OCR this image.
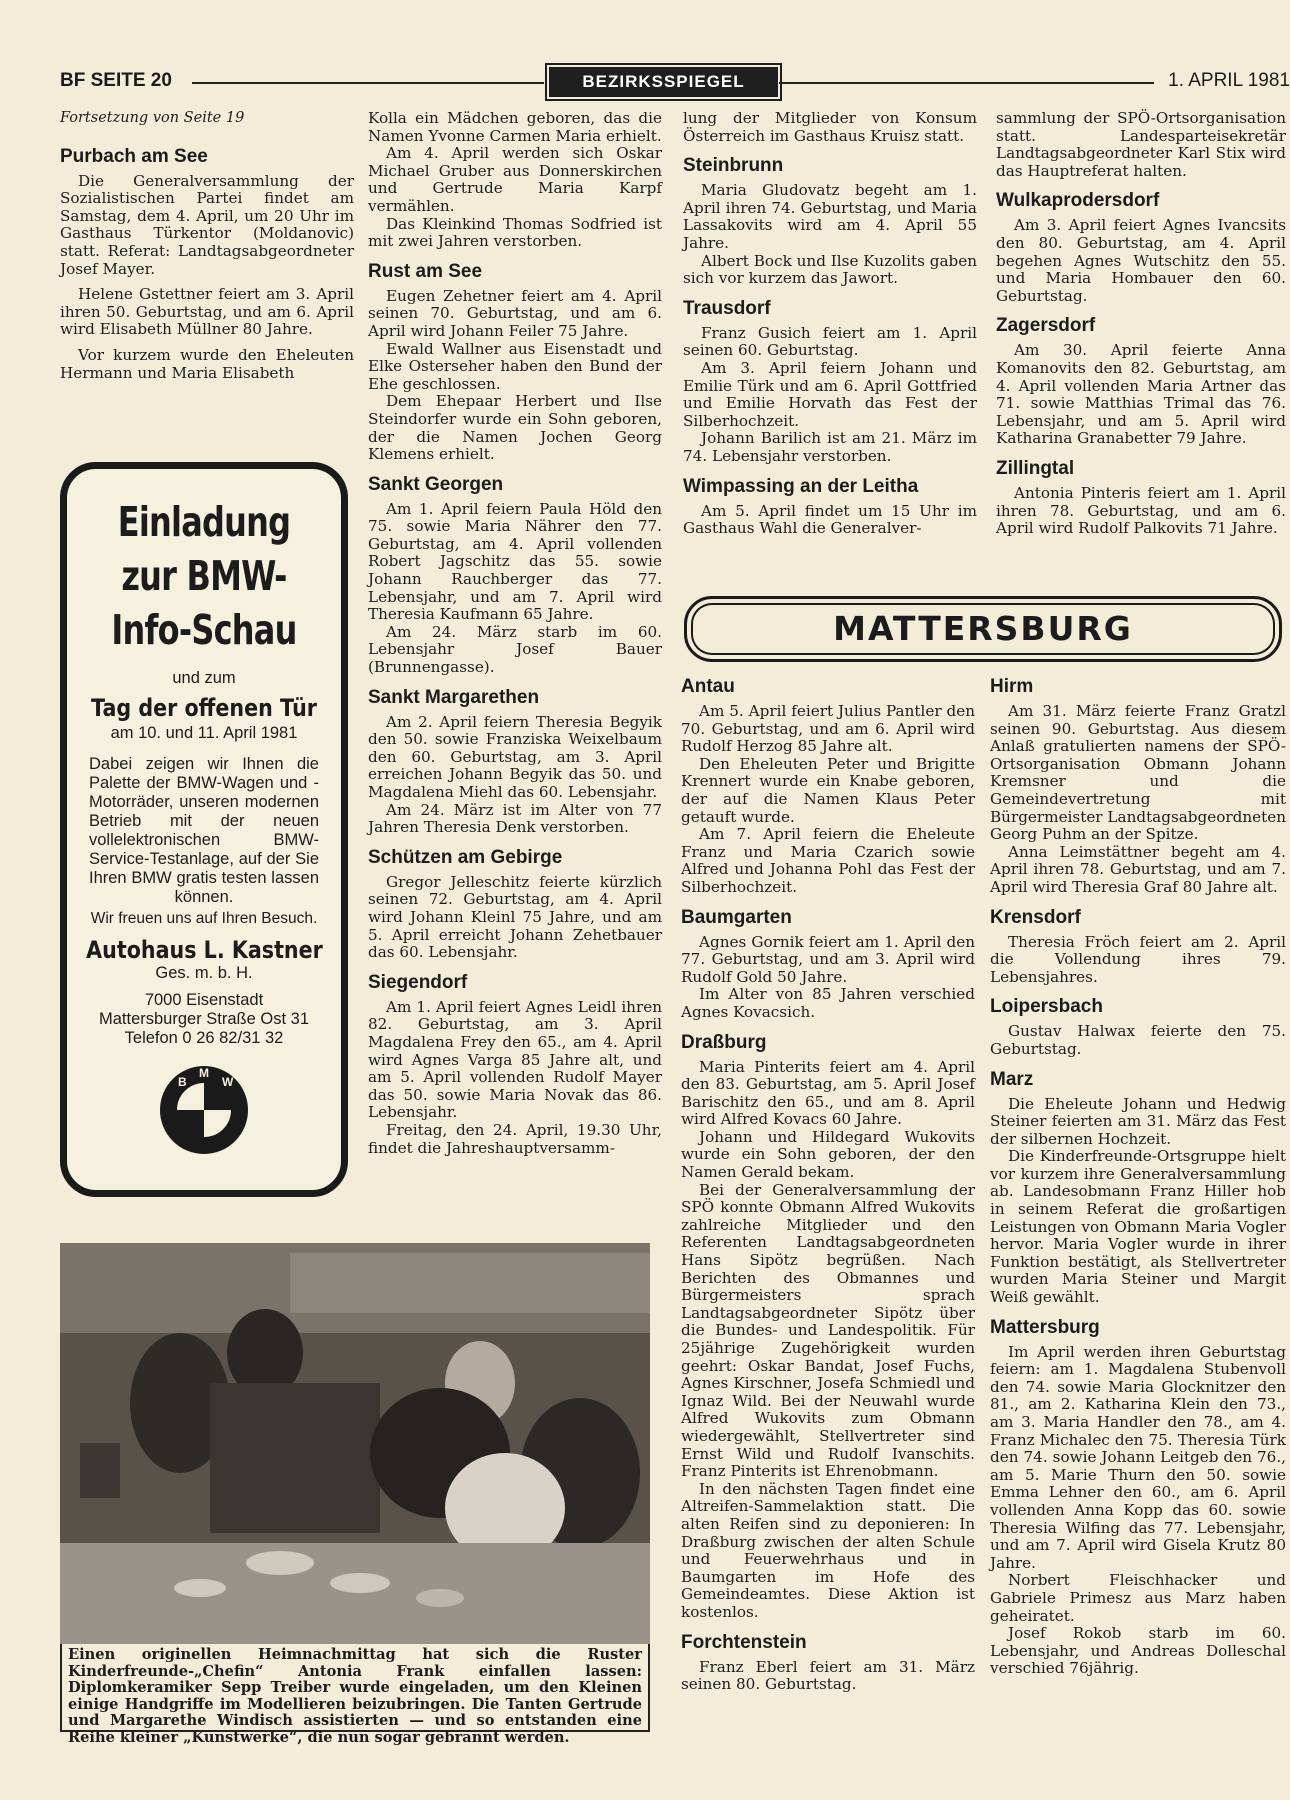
BF SEITE 20	BEZIRKSSPIEGEL	1. APRIL 1981

Fortsetzung von Seite 19

Purbach am See

Die Generalversammlung der Sozialistischen Partei findet am Samstag, dem 4. April, um 20 Uhr im Gasthaus Türkentor (Moldanovic) statt. Referat: Landtagsabgeordneter Josef Mayer.

Helene Gstettner feiert am 3. April ihren 50. Geburtstag, und am 6. April wird Elisabeth Müllner 80 Jahre.

Vor kurzem wurde den Eheleuten Hermann und Maria Elisabeth

Einladung
zur BMW-
Info-Schau
und zum
Tag der offenen Tür
am 10. und 11. April 1981
Dabei zeigen wir Ihnen die Palette der BMW-Wagen und -Motorräder, unseren modernen Betrieb mit der neuen vollelektronischen BMW-Service-Testanlage, auf der Sie Ihren BMW gratis testen lassen können.
Wir freuen uns auf Ihren Besuch.
Autohaus L. Kastner
Ges. m. b. H.
7000 Eisenstadt
Mattersburger Straße Ost 31
Telefon 0 26 82/31 32
B
M
W

Einen originellen Heimnachmittag hat sich die Ruster Kinderfreunde-„Chefin“ Antonia Frank einfallen lassen: Diplomkeramiker Sepp Treiber wurde eingeladen, um den Kleinen einige Handgriffe im Modellieren beizubringen. Die Tanten Gertrude und Margarethe Windisch assistierten — und so entstanden eine Reihe kleiner „Kunstwerke“, die nun sogar gebrannt werden.

Kolla ein Mädchen geboren, das die Namen Yvonne Carmen Maria erhielt.

Am 4. April werden sich Oskar Michael Gruber aus Donnerskirchen und Gertrude Maria Karpf vermählen.

Das Kleinkind Thomas Sodfried ist mit zwei Jahren verstorben.

Rust am See

Eugen Zehetner feiert am 4. April seinen 70. Geburtstag, und am 6. April wird Johann Feiler 75 Jahre.

Ewald Wallner aus Eisenstadt und Elke Osterseher haben den Bund der Ehe geschlossen.

Dem Ehepaar Herbert und Ilse Steindorfer wurde ein Sohn geboren, der die Namen Jochen Georg Klemens erhielt.

Sankt Georgen

Am 1. April feiern Paula Höld den 75. sowie Maria Nährer den 77. Geburtstag, am 4. April vollenden Robert Jagschitz das 55. sowie Johann Rauchberger das 77. Lebensjahr, und am 7. April wird Theresia Kaufmann 65 Jahre.

Am 24. März starb im 60. Lebensjahr Josef Bauer (Brunnengasse).

Sankt Margarethen

Am 2. April feiern Theresia Begyik den 50. sowie Franziska Weixelbaum den 60. Geburtstag, am 3. April erreichen Johann Begyik das 50. und Magdalena Miehl das 60. Lebensjahr.

Am 24. März ist im Alter von 77 Jahren Theresia Denk verstorben.

Schützen am Gebirge

Gregor Jelleschitz feierte kürzlich seinen 72. Geburtstag, am 4. April wird Johann Kleinl 75 Jahre, und am 5. April erreicht Johann Zehetbauer das 60. Lebensjahr.

Siegendorf

Am 1. April feiert Agnes Leidl ihren 82. Geburtstag, am 3. April Magdalena Frey den 65., am 4. April wird Agnes Varga 85 Jahre alt, und am 5. April vollenden Rudolf Mayer das 50. sowie Maria Novak das 86. Lebensjahr.

Freitag, den 24. April, 19.30 Uhr, findet die Jahreshauptversamm-

lung der Mitglieder von Konsum Österreich im Gasthaus Kruisz statt.

Steinbrunn

Maria Gludovatz begeht am 1. April ihren 74. Geburtstag, und Maria Lassakovits wird am 4. April 55 Jahre.

Albert Bock und Ilse Kuzolits gaben sich vor kurzem das Jawort.

Trausdorf

Franz Gusich feiert am 1. April seinen 60. Geburtstag.

Am 3. April feiern Johann und Emilie Türk und am 6. April Gottfried und Emilie Horvath das Fest der Silberhochzeit.

Johann Barilich ist am 21. März im 74. Lebensjahr verstorben.

Wimpassing an der Leitha

Am 5. April findet um 15 Uhr im Gasthaus Wahl die Generalver-

sammlung der SPÖ-Ortsorganisation statt. Landesparteisekretär Landtagsabgeordneter Karl Stix wird das Hauptreferat halten.

Wulkaprodersdorf

Am 3. April feiert Agnes Ivancsits den 80. Geburtstag, am 4. April begehen Agnes Wutschitz den 55. und Maria Hombauer den 60. Geburtstag.

Zagersdorf

Am 30. April feierte Anna Komanovits den 82. Geburtstag, am 4. April vollenden Maria Artner das 71. sowie Matthias Trimal das 76. Lebensjahr, und am 5. April wird Katharina Granabetter 79 Jahre.

Zillingtal

Antonia Pinteris feiert am 1. April ihren 78. Geburtstag, und am 6. April wird Rudolf Palkovits 71 Jahre.

MATTERSBURG
Antau

Am 5. April feiert Julius Pantler den 70. Geburtstag, und am 6. April wird Rudolf Herzog 85 Jahre alt.

Den Eheleuten Peter und Brigitte Krennert wurde ein Knabe geboren, der auf die Namen Klaus Peter getauft wurde.

Am 7. April feiern die Eheleute Franz und Maria Czarich sowie Alfred und Johanna Pohl das Fest der Silberhochzeit.

Baumgarten

Agnes Gornik feiert am 1. April den 77. Geburtstag, und am 3. April wird Rudolf Gold 50 Jahre.

Im Alter von 85 Jahren verschied Agnes Kovacsich.

Draßburg

Maria Pinterits feiert am 4. April den 83. Geburtstag, am 5. April Josef Barischitz den 65., und am 8. April wird Alfred Kovacs 60 Jahre.

Johann und Hildegard Wukovits wurde ein Sohn geboren, der den Namen Gerald bekam.

Bei der Generalversammlung der SPÖ konnte Obmann Alfred Wukovits zahlreiche Mitglieder und den Referenten Landtagsabgeordneten Hans Sipötz begrüßen. Nach Berichten des Obmannes und Bürgermeisters sprach Landtagsabgeordneter Sipötz über die Bundes- und Landespolitik. Für 25jährige Zugehörigkeit wurden geehrt: Oskar Bandat, Josef Fuchs, Agnes Kirschner, Josefa Schmiedl und Ignaz Wild. Bei der Neuwahl wurde Alfred Wukovits zum Obmann wiedergewählt, Stellvertreter sind Ernst Wild und Rudolf Ivanschits. Franz Pinterits ist Ehrenobmann.

In den nächsten Tagen findet eine Altreifen-Sammelaktion statt. Die alten Reifen sind zu deponieren: In Draßburg zwischen der alten Schule und Feuerwehrhaus und in Baumgarten im Hofe des Gemeindeamtes. Diese Aktion ist kostenlos.

Forchtenstein

Franz Eberl feiert am 31. März seinen 80. Geburtstag.

Hirm

Am 31. März feierte Franz Gratzl seinen 90. Geburtstag. Aus diesem Anlaß gratulierten namens der SPÖ-Ortsorganisation Obmann Johann Kremsner und die Gemeindevertretung mit Bürgermeister Landtagsabgeordneten Georg Puhm an der Spitze.

Anna Leimstättner begeht am 4. April ihren 78. Geburtstag, und am 7. April wird Theresia Graf 80 Jahre alt.

Krensdorf

Theresia Fröch feiert am 2. April die Vollendung ihres 79. Lebensjahres.

Loipersbach

Gustav Halwax feierte den 75. Geburtstag.

Marz

Die Eheleute Johann und Hedwig Steiner feierten am 31. März das Fest der silbernen Hochzeit.

Die Kinderfreunde-Ortsgruppe hielt vor kurzem ihre Generalversammlung ab. Landesobmann Franz Hiller hob in seinem Referat die großartigen Leistungen von Obmann Maria Vogler hervor. Maria Vogler wurde in ihrer Funktion bestätigt, als Stellvertreter wurden Maria Steiner und Margit Weiß gewählt.

Mattersburg

Im April werden ihren Geburtstag feiern: am 1. Magdalena Stubenvoll den 74. sowie Maria Glocknitzer den 81., am 2. Katharina Klein den 73., am 3. Maria Handler den 78., am 4. Franz Michalec den 75. Theresia Türk den 74. sowie Johann Leitgeb den 76., am 5. Marie Thurn den 50. sowie Emma Lehner den 60., am 6. April vollenden Anna Kopp das 60. sowie Theresia Wilfing das 77. Lebensjahr, und am 7. April wird Gisela Krutz 80 Jahre.

Norbert Fleischhacker und Gabriele Primesz aus Marz haben geheiratet.

Josef Rokob starb im 60. Lebensjahr, und Andreas Dolleschal verschied 76jährig.
